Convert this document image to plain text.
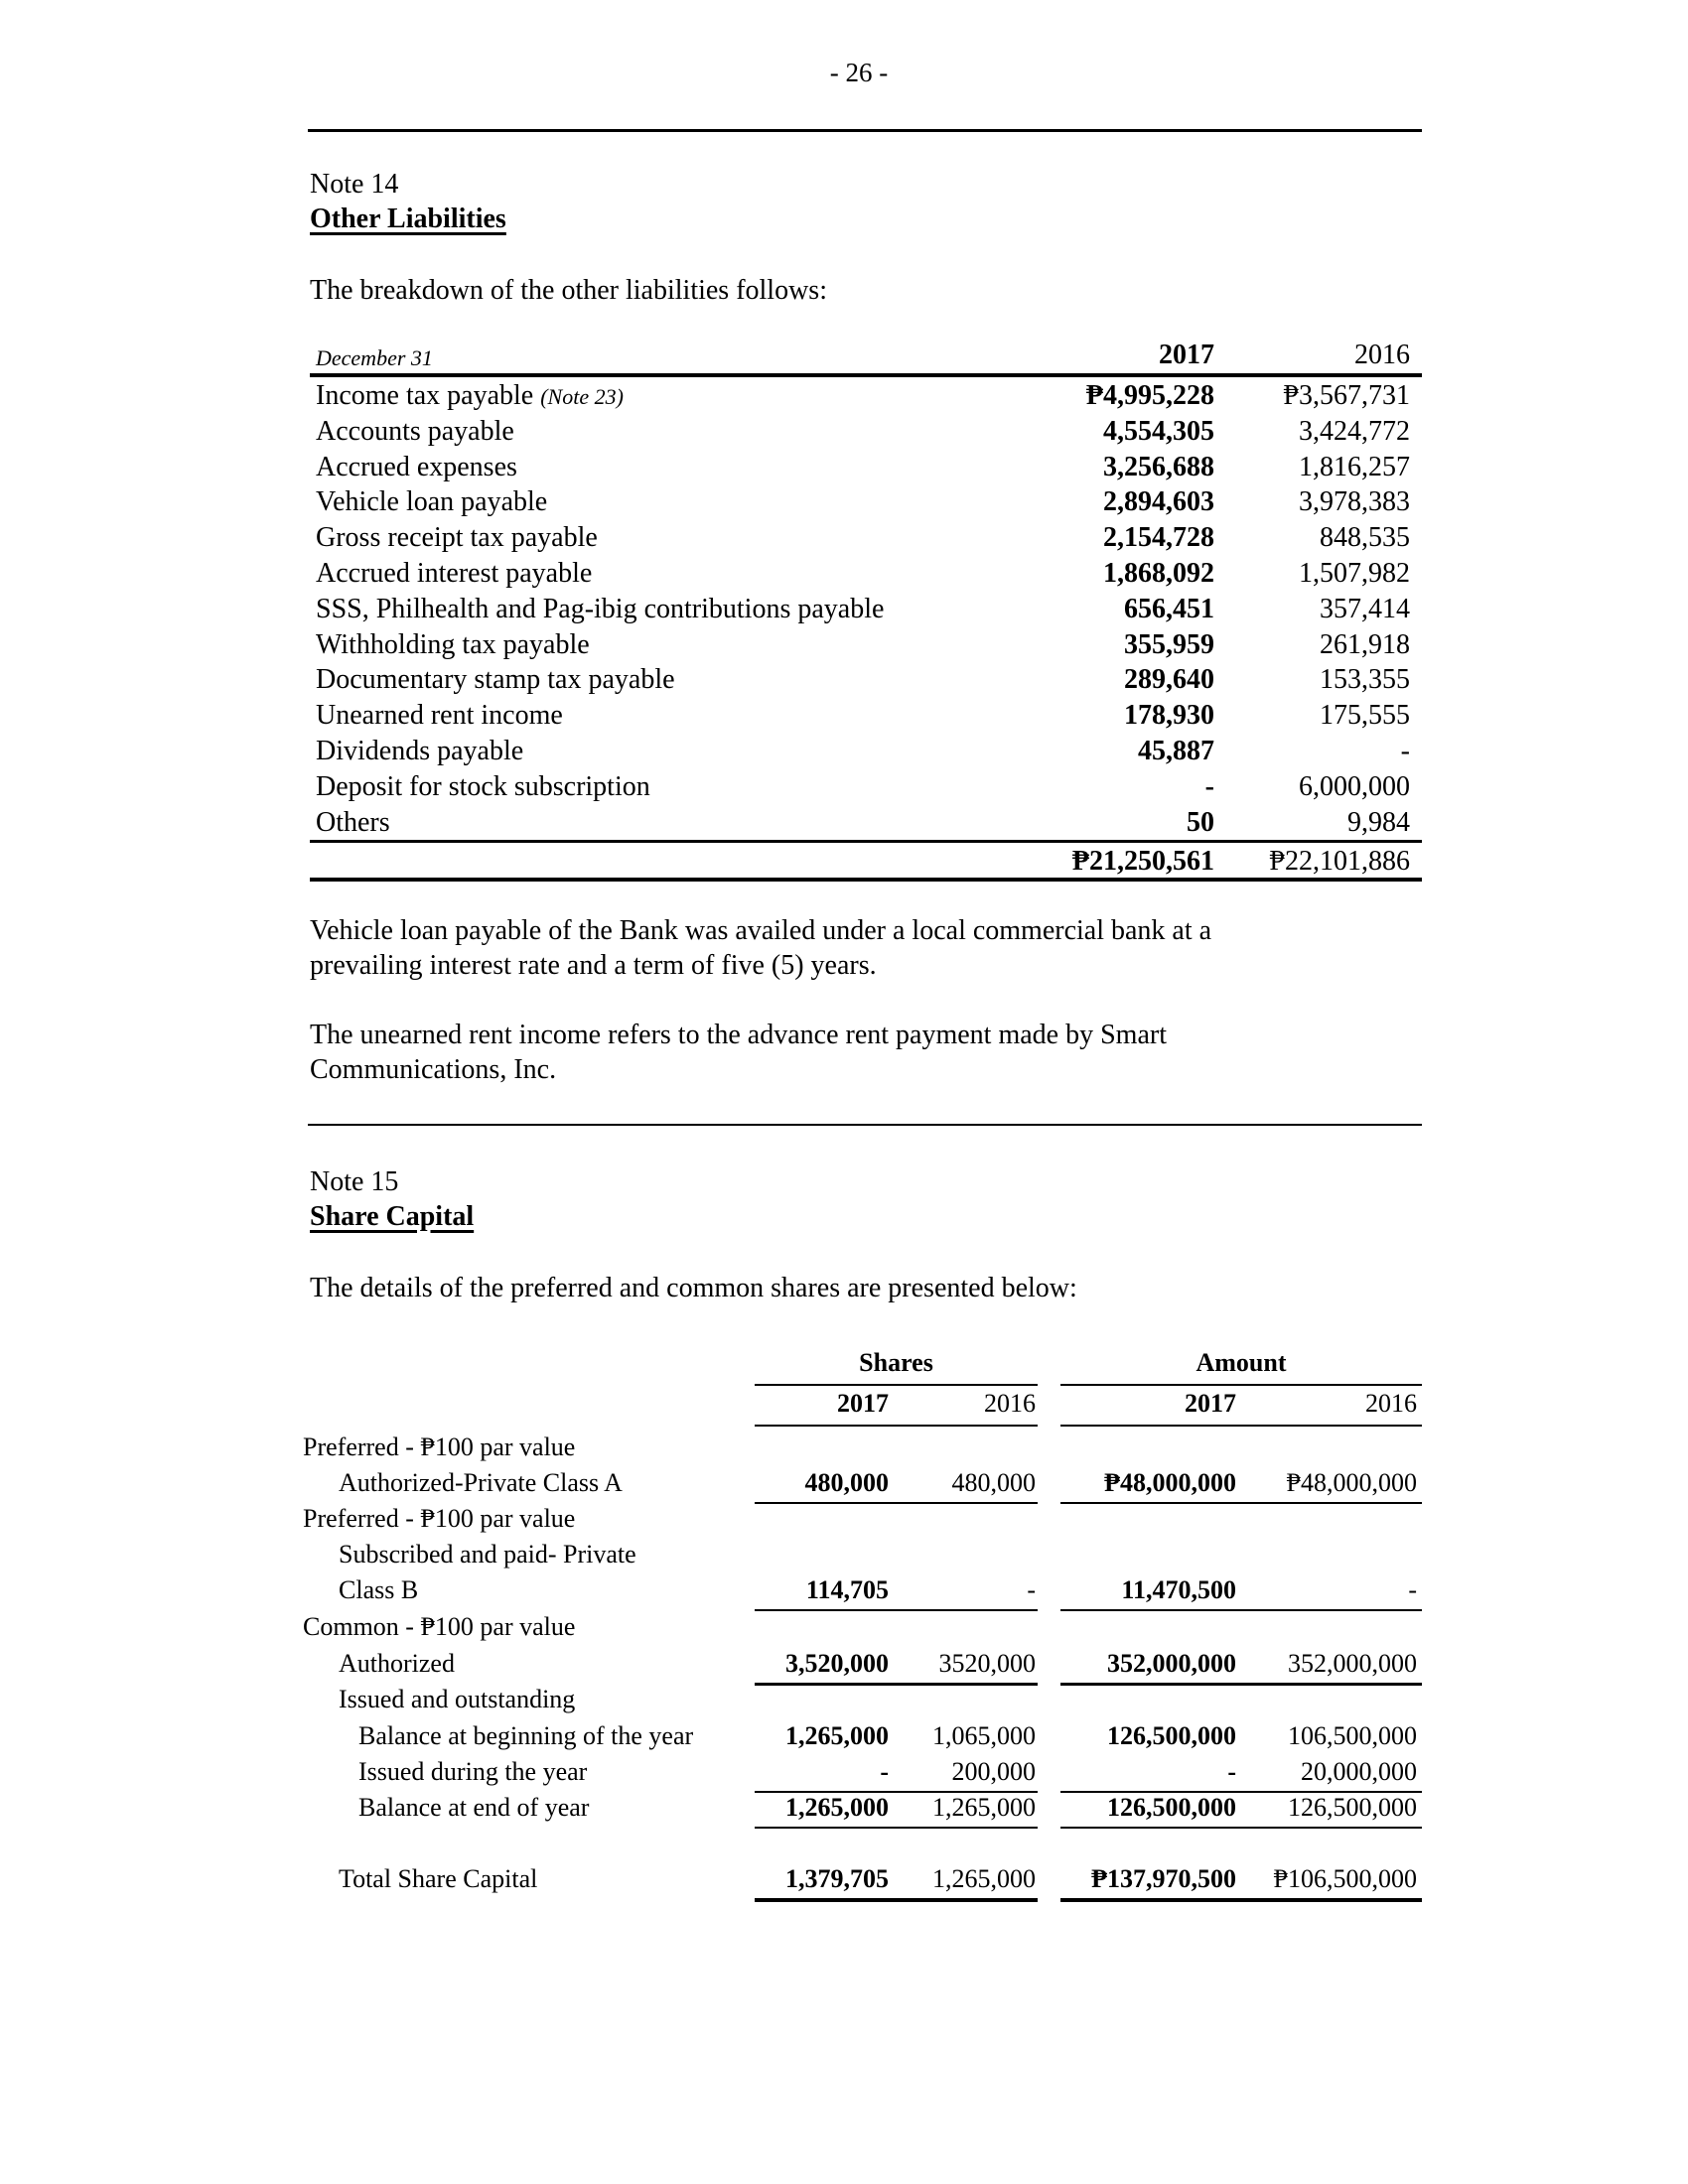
- 26 -
Note 14
Other Liabilities
The breakdown of the other liabilities follows:
December 31	2017	2016
Income tax payable (Note 23)	₱4,995,228 ₱3,567,731
Accounts payable	4,554,305	3,424,772
Accrued expenses	3,256,688	1,816,257
Vehicle loan payable	2,894,603	3,978,383
Gross receipt tax payable	2,154,728	848,535
Accrued interest payable	1,868,092	1,507,982
SSS, Philhealth and Pag-ibig contributions payable	656,451	357,414
Withholding tax payable	355,959	261,918
Documentary stamp tax payable	289,640	153,355
Unearned rent income	178,930	175,555
Dividends payable	45,887	-
Deposit for stock subscription	-	6,000,000
Others	50	9,984
₱21,250,561 ₱22,101,886
Vehicle loan payable of the Bank was availed under a local commercial bank at a
prevailing interest rate and a term of five (5) years.
The unearned rent income refers to the advance rent payment made by Smart
Communications, Inc.
Note 15
Share Capital
The details of the preferred and common shares are presented below:
Shares	Amount
2017	2016	2017	2016
Preferred - ₱100 par value
Authorized-Private Class A	480,000 480,000	₱48,000,000 ₱48,000,000
Preferred - ₱100 par value
Subscribed and paid- Private
Class B	114,705	-	11,470,500	-
Common - ₱100 par value
Authorized	3,520,000 3520,000	352,000,000 352,000,000
Issued and outstanding
Balance at beginning of the year	1,265,000 1,065,000	126,500,000 106,500,000
Issued during the year	- 200,000	-	20,000,000
Balance at end of year	1,265,000 1,265,000	126,500,000 126,500,000
Total Share Capital	1,379,705 1,265,000 ₱137,970,500 ₱106,500,000
